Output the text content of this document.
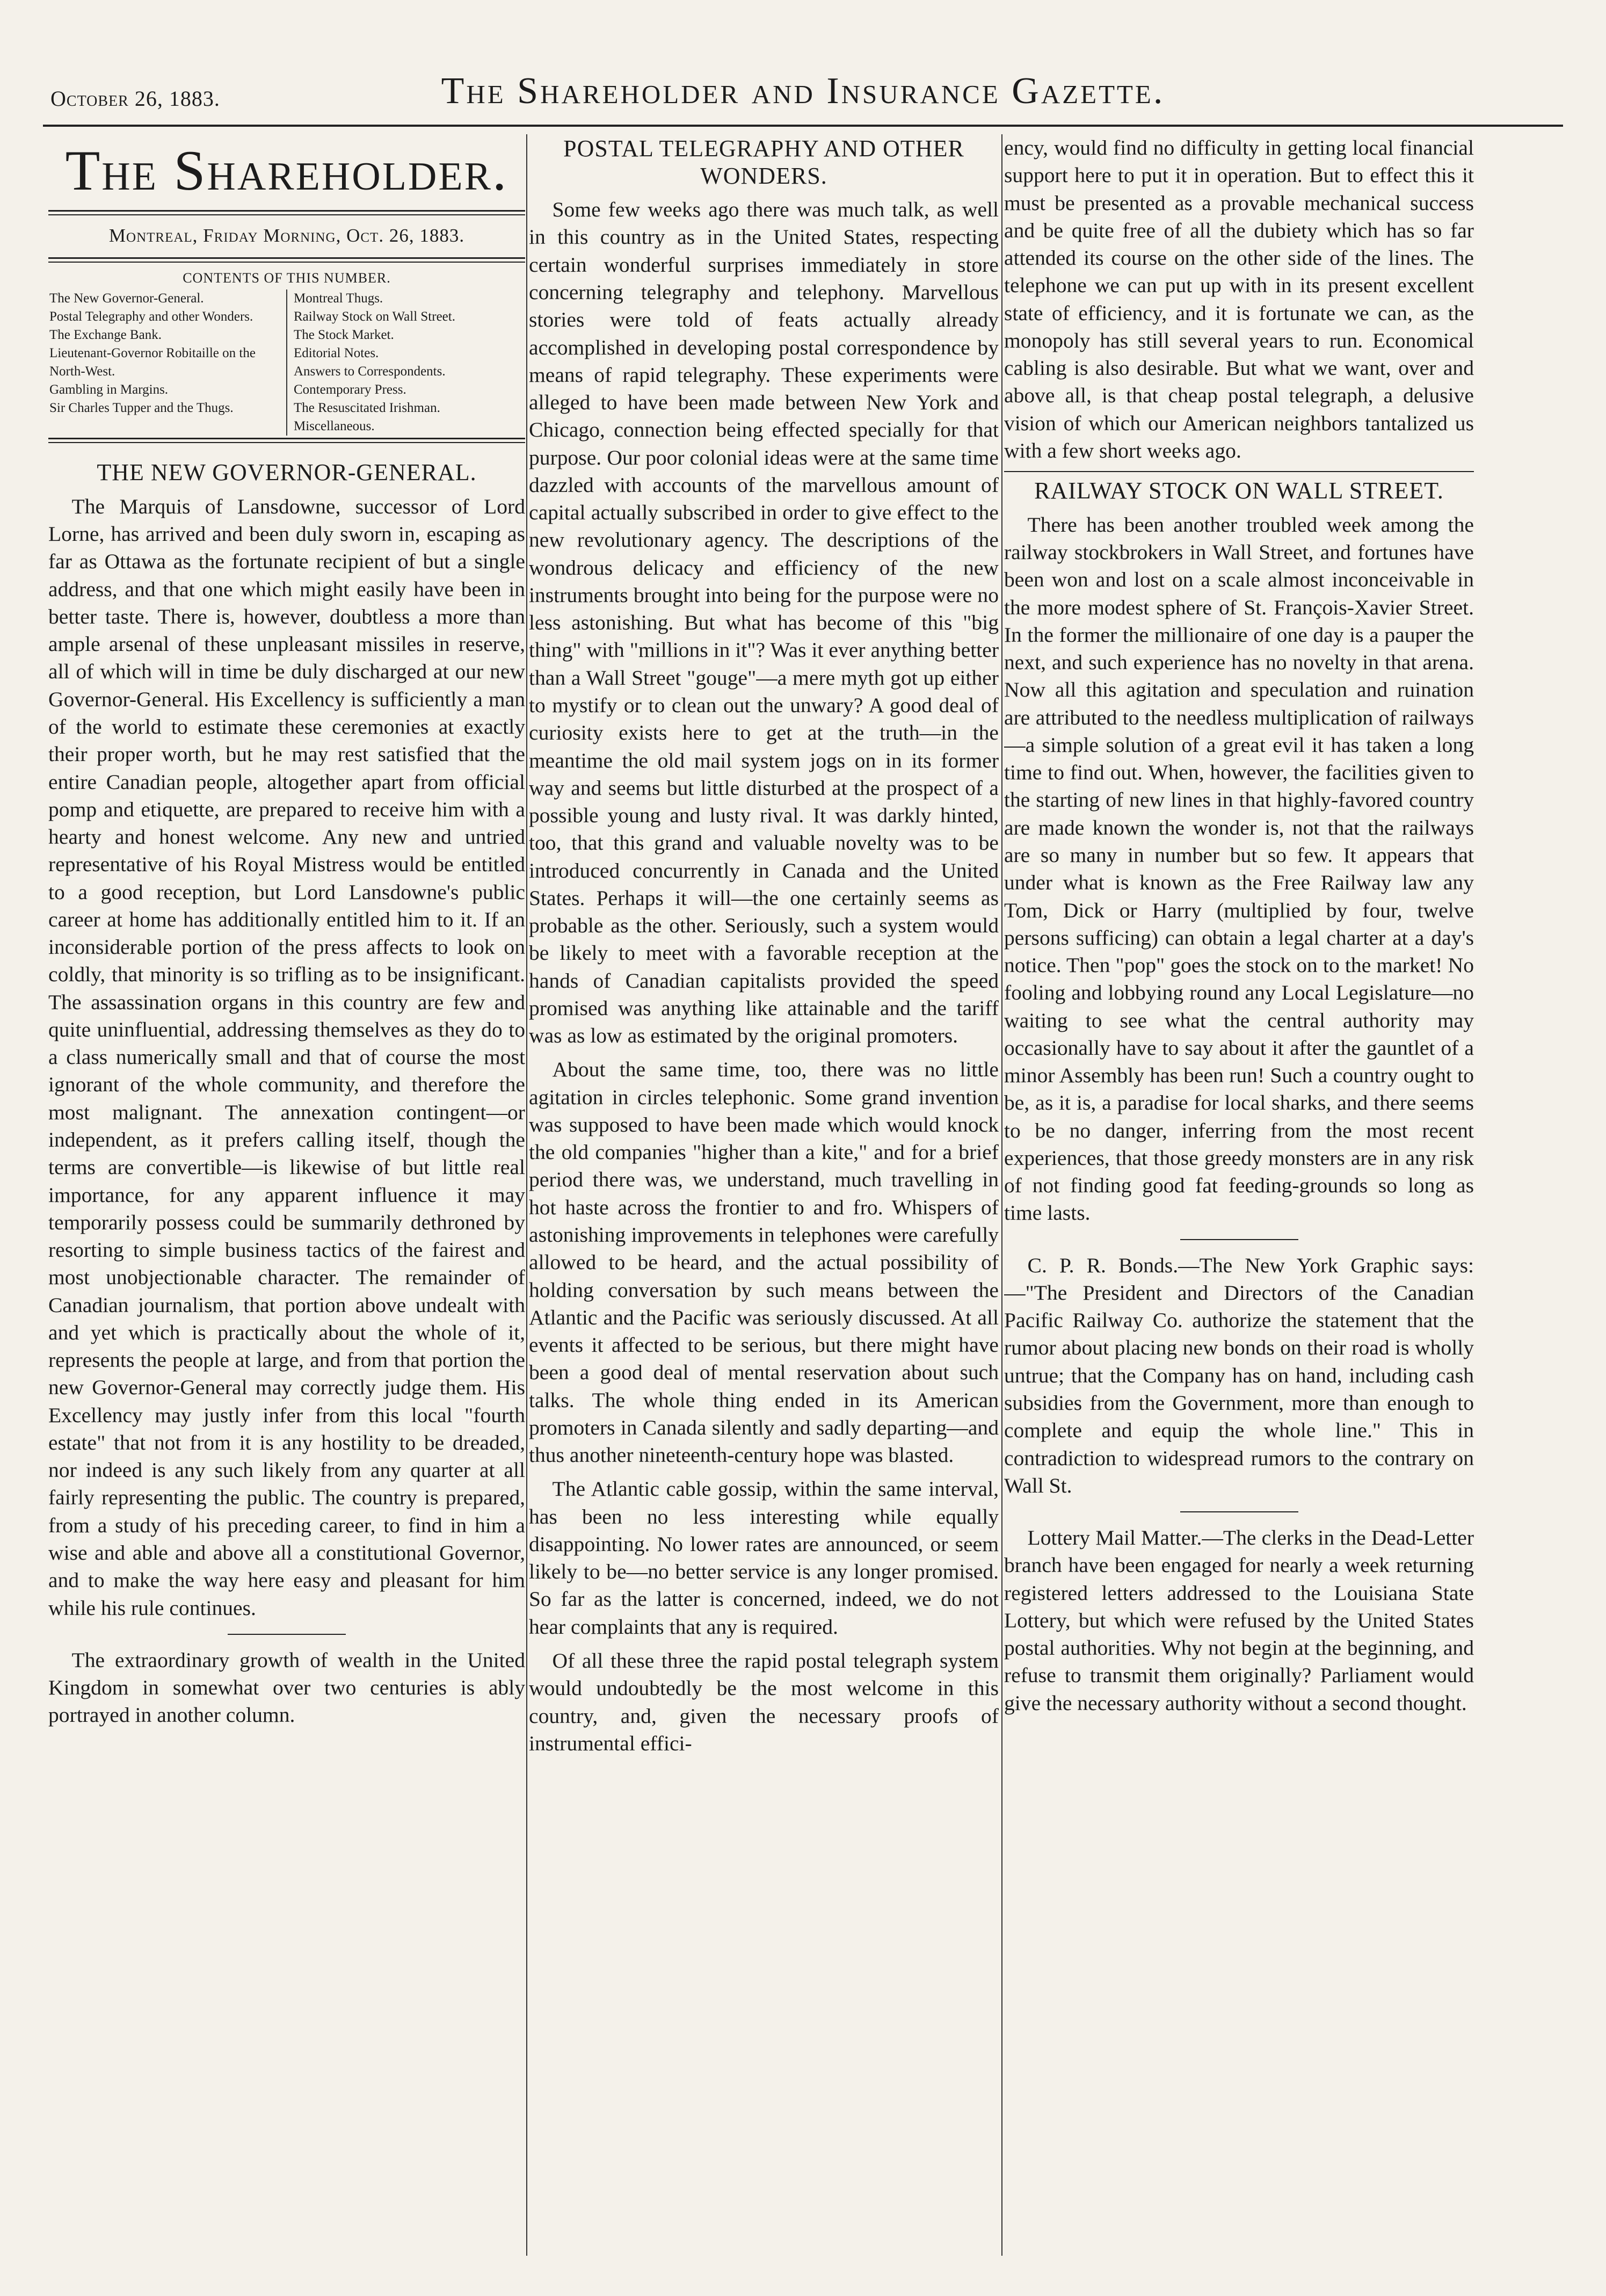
October 26, 1883.	The Shareholder and Insurance Gazette.
The Shareholder.
Montreal, Friday Morning, Oct. 26, 1883.
CONTENTS OF THIS NUMBER.
The New Governor-General.
Postal Telegraphy and other Wonders.
The Exchange Bank.
Lieutenant-Governor Robitaille on the North-West.
Gambling in Margins.
Sir Charles Tupper and the Thugs.

Montreal Thugs.
Railway Stock on Wall Street.
The Stock Market.
Editorial Notes.
Answers to Correspondents.
Contemporary Press.
The Resuscitated Irishman.
Miscellaneous.
THE NEW GOVERNOR-GENERAL.

The Marquis of Lansdowne, successor of Lord Lorne, has arrived and been duly sworn in, escaping as far as Ottawa as the fortunate recipient of but a single address, and that one which might easily have been in better taste. There is, however, doubtless a more than ample arsenal of these unpleasant missiles in reserve, all of which will in time be duly discharged at our new Governor-General. His Excellency is sufficiently a man of the world to estimate these ceremonies at exactly their proper worth, but he may rest satisfied that the entire Canadian people, altogether apart from official pomp and etiquette, are prepared to receive him with a hearty and honest welcome. Any new and untried representative of his Royal Mistress would be entitled to a good reception, but Lord Lansdowne's public career at home has additionally entitled him to it. If an inconsiderable portion of the press affects to look on coldly, that minority is so trifling as to be insignificant. The assassination organs in this country are few and quite uninfluential, addressing themselves as they do to a class numerically small and that of course the most ignorant of the whole community, and therefore the most malignant. The annexation contingent—or independent, as it prefers calling itself, though the terms are convertible—is likewise of but little real importance, for any apparent influence it may temporarily possess could be summarily dethroned by resorting to simple business tactics of the fairest and most unobjectionable character. The remainder of Canadian journalism, that portion above undealt with and yet which is practically about the whole of it, represents the people at large, and from that portion the new Governor-General may correctly judge them. His Excellency may justly infer from this local "fourth estate" that not from it is any hostility to be dreaded, nor indeed is any such likely from any quarter at all fairly representing the public. The country is prepared, from a study of his preceding career, to find in him a wise and able and above all a constitutional Governor, and to make the way here easy and pleasant for him while his rule continues.

The extraordinary growth of wealth in the United Kingdom in somewhat over two centuries is ably portrayed in another column.

POSTAL TELEGRAPHY AND OTHER WONDERS.

Some few weeks ago there was much talk, as well in this country as in the United States, respecting certain wonderful surprises immediately in store concerning telegraphy and telephony. Marvellous stories were told of feats actually already accomplished in developing postal correspondence by means of rapid telegraphy. These experiments were alleged to have been made between New York and Chicago, connection being effected specially for that purpose. Our poor colonial ideas were at the same time dazzled with accounts of the marvellous amount of capital actually subscribed in order to give effect to the new revolutionary agency. The descriptions of the wondrous delicacy and efficiency of the new instruments brought into being for the purpose were no less astonishing. But what has become of this "big thing" with "millions in it"? Was it ever anything better than a Wall Street "gouge"—a mere myth got up either to mystify or to clean out the unwary? A good deal of curiosity exists here to get at the truth—in the meantime the old mail system jogs on in its former way and seems but little disturbed at the prospect of a possible young and lusty rival. It was darkly hinted, too, that this grand and valuable novelty was to be introduced concurrently in Canada and the United States. Perhaps it will—the one certainly seems as probable as the other. Seriously, such a system would be likely to meet with a favorable reception at the hands of Canadian capitalists provided the speed promised was anything like attainable and the tariff was as low as estimated by the original promoters.

About the same time, too, there was no little agitation in circles telephonic. Some grand invention was supposed to have been made which would knock the old companies "higher than a kite," and for a brief period there was, we understand, much travelling in hot haste across the frontier to and fro. Whispers of astonishing improvements in telephones were carefully allowed to be heard, and the actual possibility of holding conversation by such means between the Atlantic and the Pacific was seriously discussed. At all events it affected to be serious, but there might have been a good deal of mental reservation about such talks. The whole thing ended in its American promoters in Canada silently and sadly departing—and thus another nineteenth-century hope was blasted.

The Atlantic cable gossip, within the same interval, has been no less interesting while equally disappointing. No lower rates are announced, or seem likely to be—no better service is any longer promised. So far as the latter is concerned, indeed, we do not hear complaints that any is required.

Of all these three the rapid postal telegraph system would undoubtedly be the most welcome in this country, and, given the necessary proofs of instrumental effici-

ency, would find no difficulty in getting local financial support here to put it in operation. But to effect this it must be presented as a provable mechanical success and be quite free of all the dubiety which has so far attended its course on the other side of the lines. The telephone we can put up with in its present excellent state of efficiency, and it is fortunate we can, as the monopoly has still several years to run. Economical cabling is also desirable. But what we want, over and above all, is that cheap postal telegraph, a delusive vision of which our American neighbors tantalized us with a few short weeks ago.

RAILWAY STOCK ON WALL STREET.

There has been another troubled week among the railway stockbrokers in Wall Street, and fortunes have been won and lost on a scale almost inconceivable in the more modest sphere of St. François-Xavier Street. In the former the millionaire of one day is a pauper the next, and such experience has no novelty in that arena. Now all this agitation and speculation and ruination are attributed to the needless multiplication of railways—a simple solution of a great evil it has taken a long time to find out. When, however, the facilities given to the starting of new lines in that highly-favored country are made known the wonder is, not that the railways are so many in number but so few. It appears that under what is known as the Free Railway law any Tom, Dick or Harry (multiplied by four, twelve persons sufficing) can obtain a legal charter at a day's notice. Then "pop" goes the stock on to the market! No fooling and lobbying round any Local Legislature—no waiting to see what the central authority may occasionally have to say about it after the gauntlet of a minor Assembly has been run! Such a country ought to be, as it is, a paradise for local sharks, and there seems to be no danger, inferring from the most recent experiences, that those greedy monsters are in any risk of not finding good fat feeding-grounds so long as time lasts.

C. P. R. Bonds.—The New York Graphic says:—"The President and Directors of the Canadian Pacific Railway Co. authorize the statement that the rumor about placing new bonds on their road is wholly untrue; that the Company has on hand, including cash subsidies from the Government, more than enough to complete and equip the whole line." This in contradiction to widespread rumors to the contrary on Wall St.

Lottery Mail Matter.—The clerks in the Dead-Letter branch have been engaged for nearly a week returning registered letters addressed to the Louisiana State Lottery, but which were refused by the United States postal authorities. Why not begin at the beginning, and refuse to transmit them originally? Parliament would give the necessary authority without a second thought.
